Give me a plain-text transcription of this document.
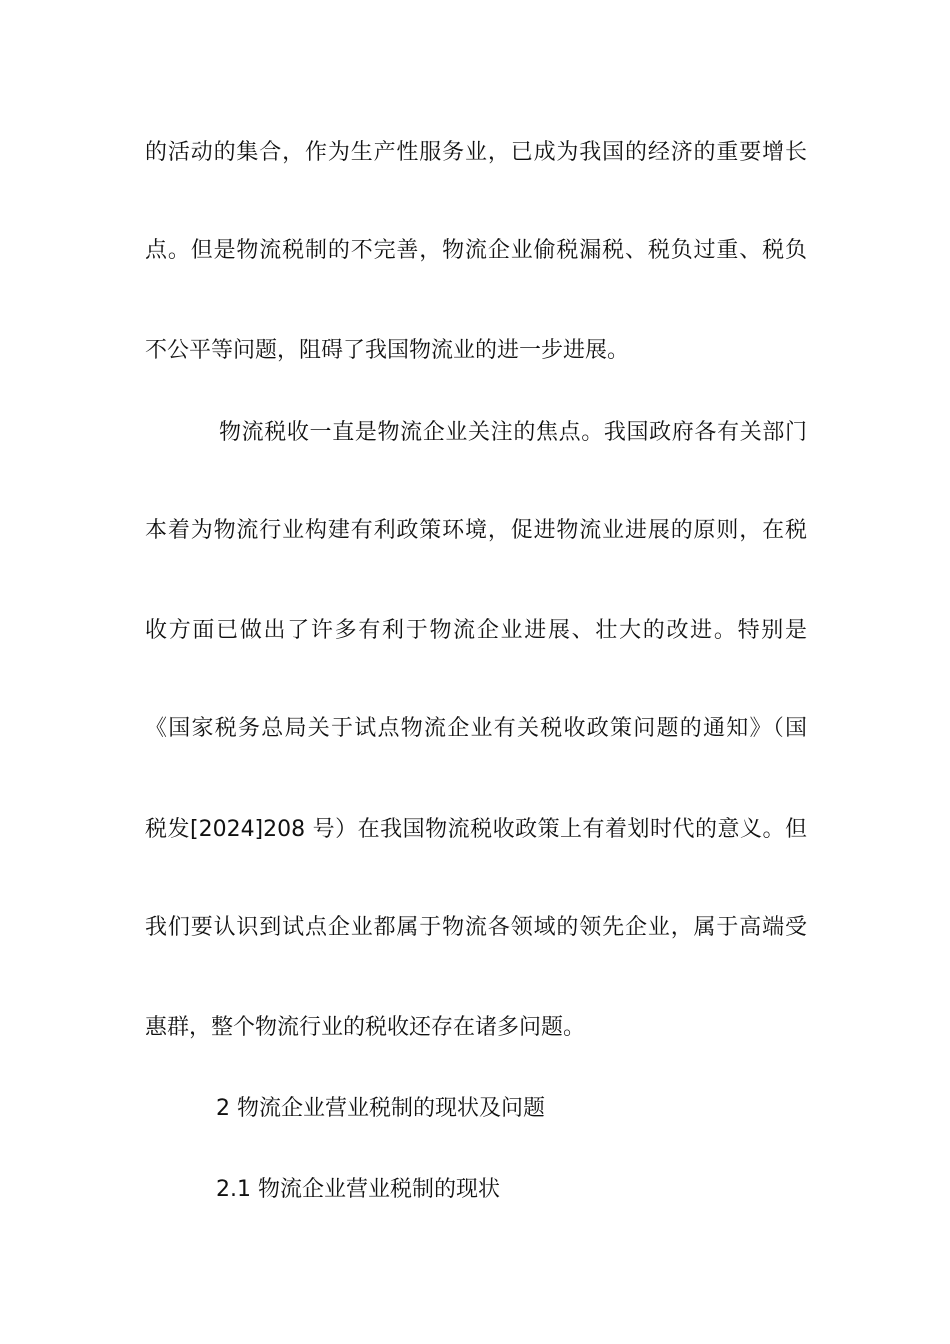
的活动的集合，作为生产性服务业，已成为我国的经济的重要增长

点。但是物流税制的不完善，物流企业偷税漏税、税负过重、税负

不公平等问题，阻碍了我国物流业的进一步进展。

物流税收一直是物流企业关注的焦点。我国政府各有关部门

本着为物流行业构建有利政策环境，促进物流业进展的原则，在税

收方面已做出了许多有利于物流企业进展、壮大的改进。特别是

《国家税务总局关于试点物流企业有关税收政策问题的通知》（国

税发[2024]208 号）在我国物流税收政策上有着划时代的意义。但

我们要认识到试点企业都属于物流各领域的领先企业，属于高端受

惠群，整个物流行业的税收还存在诸多问题。

2 物流企业营业税制的现状及问题

2.1 物流企业营业税制的现状
